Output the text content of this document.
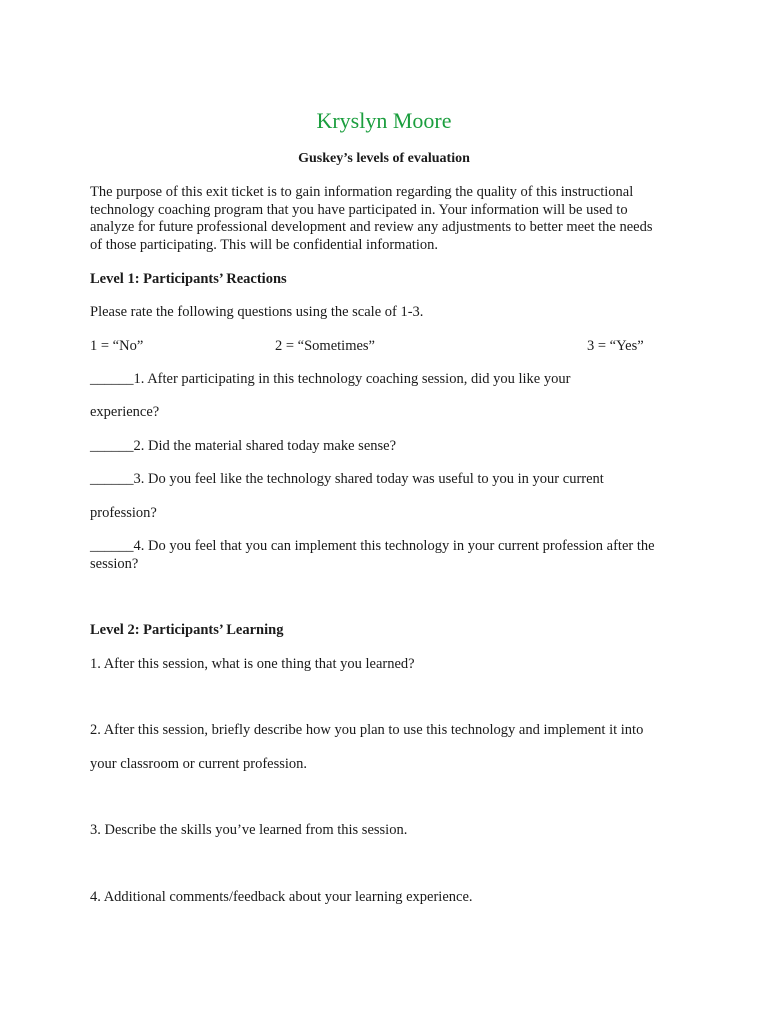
Kryslyn Moore
Guskey’s levels of evaluation
The purpose of this exit ticket is to gain information regarding the quality of this instructional
technology coaching program that you have participated in. Your information will be used to
analyze for future professional development and review any adjustments to better meet the needs
of those participating. This will be confidential information.
Level 1: Participants’ Reactions
Please rate the following questions using the scale of 1-3.
1 = “No”	2 = “Sometimes”	3 = “Yes”
______1. After participating in this technology coaching session, did you like your
experience?
______2. Did the material shared today make sense?
______3. Do you feel like the technology shared today was useful to you in your current
profession?
______4. Do you feel that you can implement this technology in your current profession after the
session?
Level 2: Participants’ Learning
1. After this session, what is one thing that you learned?
2. After this session, briefly describe how you plan to use this technology and implement it into
your classroom or current profession.
3. Describe the skills you’ve learned from this session.
4. Additional comments/feedback about your learning experience.
